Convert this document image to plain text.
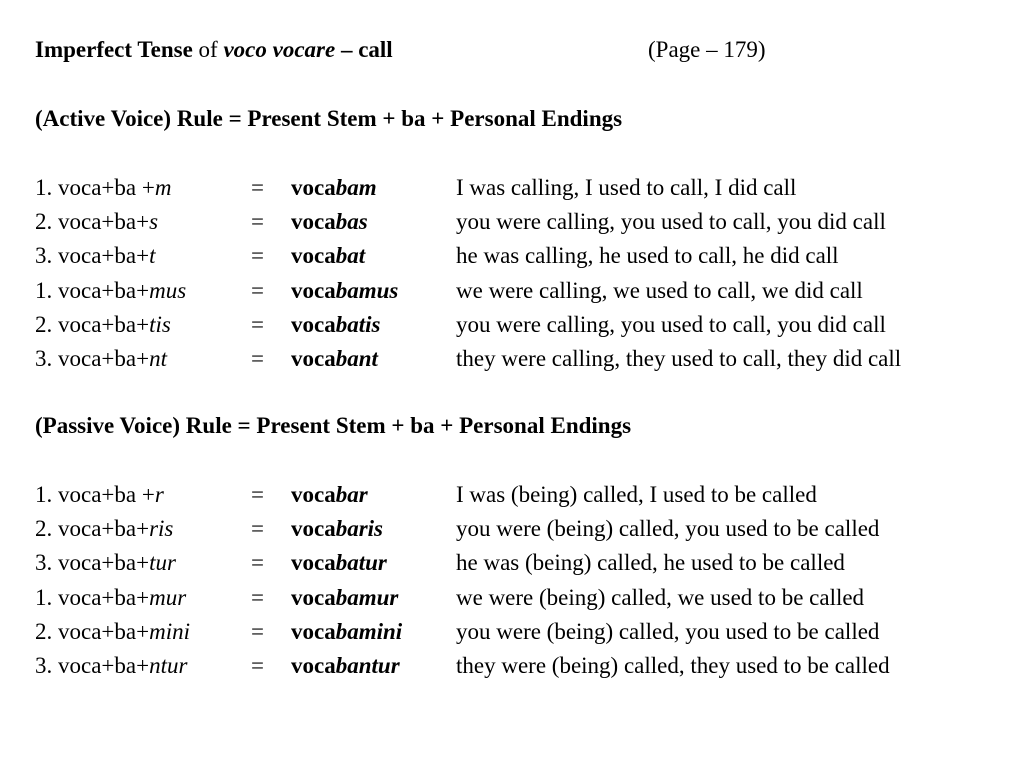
Imperfect Tense of voco vocare – call	(Page – 179)
(Active Voice) Rule = Present Stem + ba + Personal Endings
1. voca+ba +m	= vocabam	I was calling, I used to call, I did call
2. voca+ba+s	= vocabas	you were calling, you used to call, you did call
3. voca+ba+t	= vocabat	he was calling, he used to call, he did call
1. voca+ba+mus	= vocabamus	we were calling, we used to call, we did call
2. voca+ba+tis	= vocabatis	you were calling, you used to call, you did call
3. voca+ba+nt	= vocabant	they were calling, they used to call, they did call
(Passive Voice) Rule = Present Stem + ba + Personal Endings
1. voca+ba +r	= vocabar	I was (being) called, I used to be called
2. voca+ba+ris	= vocabaris	you were (being) called, you used to be called
3. voca+ba+tur	= vocabatur	he was (being) called, he used to be called
1. voca+ba+mur	= vocabamur	we were (being) called, we used to be called
2. voca+ba+mini	= vocabamini you were (being) called, you used to be called
3. voca+ba+ntur	= vocabantur they were (being) called, they used to be called
